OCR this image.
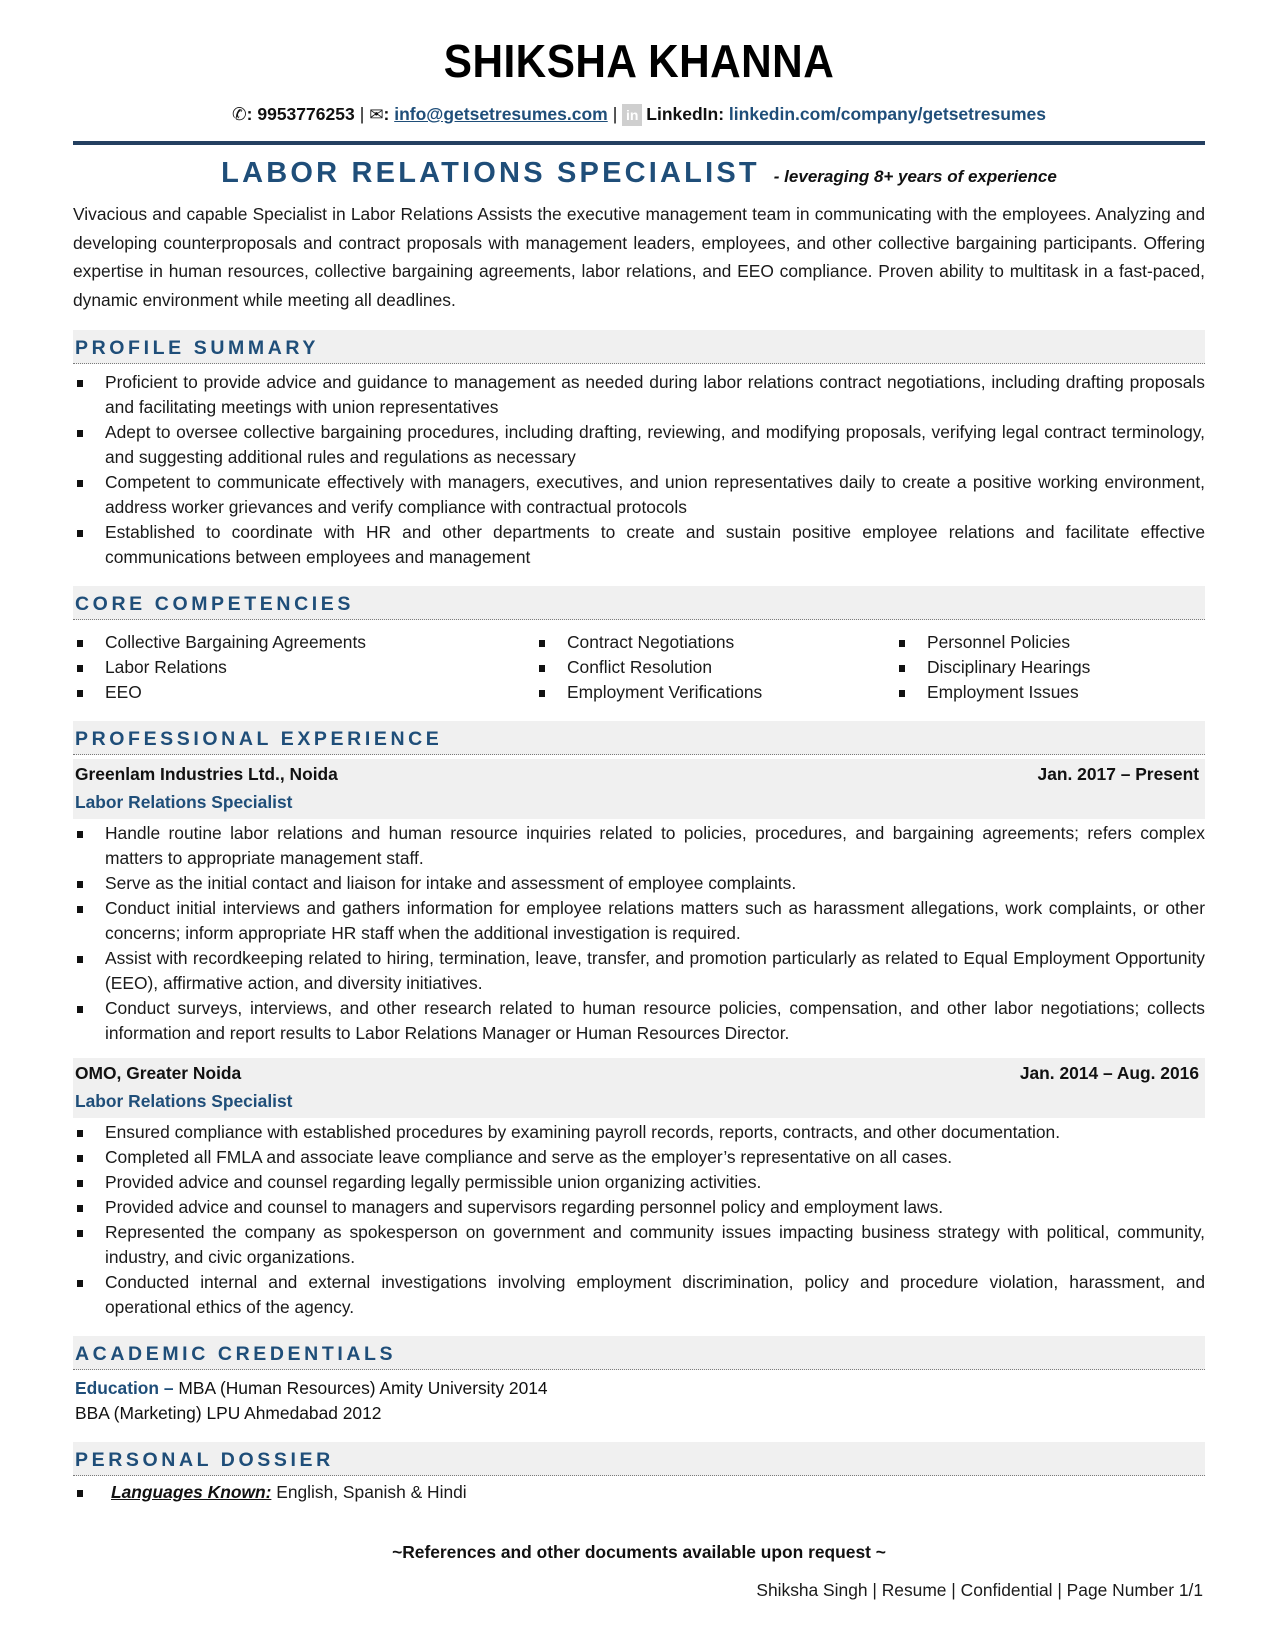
SHIKSHA KHANNA
✆: 9953776253 | ✉: info@getsetresumes.com | in LinkedIn: linkedin.com/company/getsetresumes
LABOR RELATIONS SPECIALIST - leveraging 8+ years of experience

Vivacious and capable Specialist in Labor Relations Assists the executive management team in communicating with the employees. Analyzing and developing counterproposals and contract proposals with management leaders, employees, and other collective bargaining participants. Offering expertise in human resources, collective bargaining agreements, labor relations, and EEO compliance. Proven ability to multitask in a fast-paced, dynamic environment while meeting all deadlines.

PROFILE SUMMARY
Proficient to provide advice and guidance to management as needed during labor relations contract negotiations, including drafting proposals and facilitating meetings with union representatives
Adept to oversee collective bargaining procedures, including drafting, reviewing, and modifying proposals, verifying legal contract terminology, and suggesting additional rules and regulations as necessary
Competent to communicate effectively with managers, executives, and union representatives daily to create a positive working environment, address worker grievances and verify compliance with contractual protocols
Established to coordinate with HR and other departments to create and sustain positive employee relations and facilitate effective communications between employees and management
CORE COMPETENCIES
Collective Bargaining Agreements	Contract Negotiations	Personnel Policies
Labor Relations	Conflict Resolution	Disciplinary Hearings
EEO	Employment Verifications	Employment Issues
PROFESSIONAL EXPERIENCE
Greenlam Industries Ltd., Noida	Jan. 2017 – Present
Labor Relations Specialist
Handle routine labor relations and human resource inquiries related to policies, procedures, and bargaining agreements; refers complex matters to appropriate management staff.
Serve as the initial contact and liaison for intake and assessment of employee complaints.
Conduct initial interviews and gathers information for employee relations matters such as harassment allegations, work complaints, or other concerns; inform appropriate HR staff when the additional investigation is required.
Assist with recordkeeping related to hiring, termination, leave, transfer, and promotion particularly as related to Equal Employment Opportunity (EEO), affirmative action, and diversity initiatives.
Conduct surveys, interviews, and other research related to human resource policies, compensation, and other labor negotiations; collects information and report results to Labor Relations Manager or Human Resources Director.
OMO, Greater Noida	Jan. 2014 – Aug. 2016
Labor Relations Specialist
Ensured compliance with established procedures by examining payroll records, reports, contracts, and other documentation.
Completed all FMLA and associate leave compliance and serve as the employer’s representative on all cases.
Provided advice and counsel regarding legally permissible union organizing activities.
Provided advice and counsel to managers and supervisors regarding personnel policy and employment laws.
Represented the company as spokesperson on government and community issues impacting business strategy with political, community, industry, and civic organizations.
Conducted internal and external investigations involving employment discrimination, policy and procedure violation, harassment, and operational ethics of the agency.
ACADEMIC CREDENTIALS
Education – MBA (Human Resources) Amity University 2014
BBA (Marketing) LPU Ahmedabad 2012
PERSONAL DOSSIER
Languages Known: English, Spanish & Hindi
~References and other documents available upon request ~
Shiksha Singh | Resume | Confidential | Page Number 1/1
